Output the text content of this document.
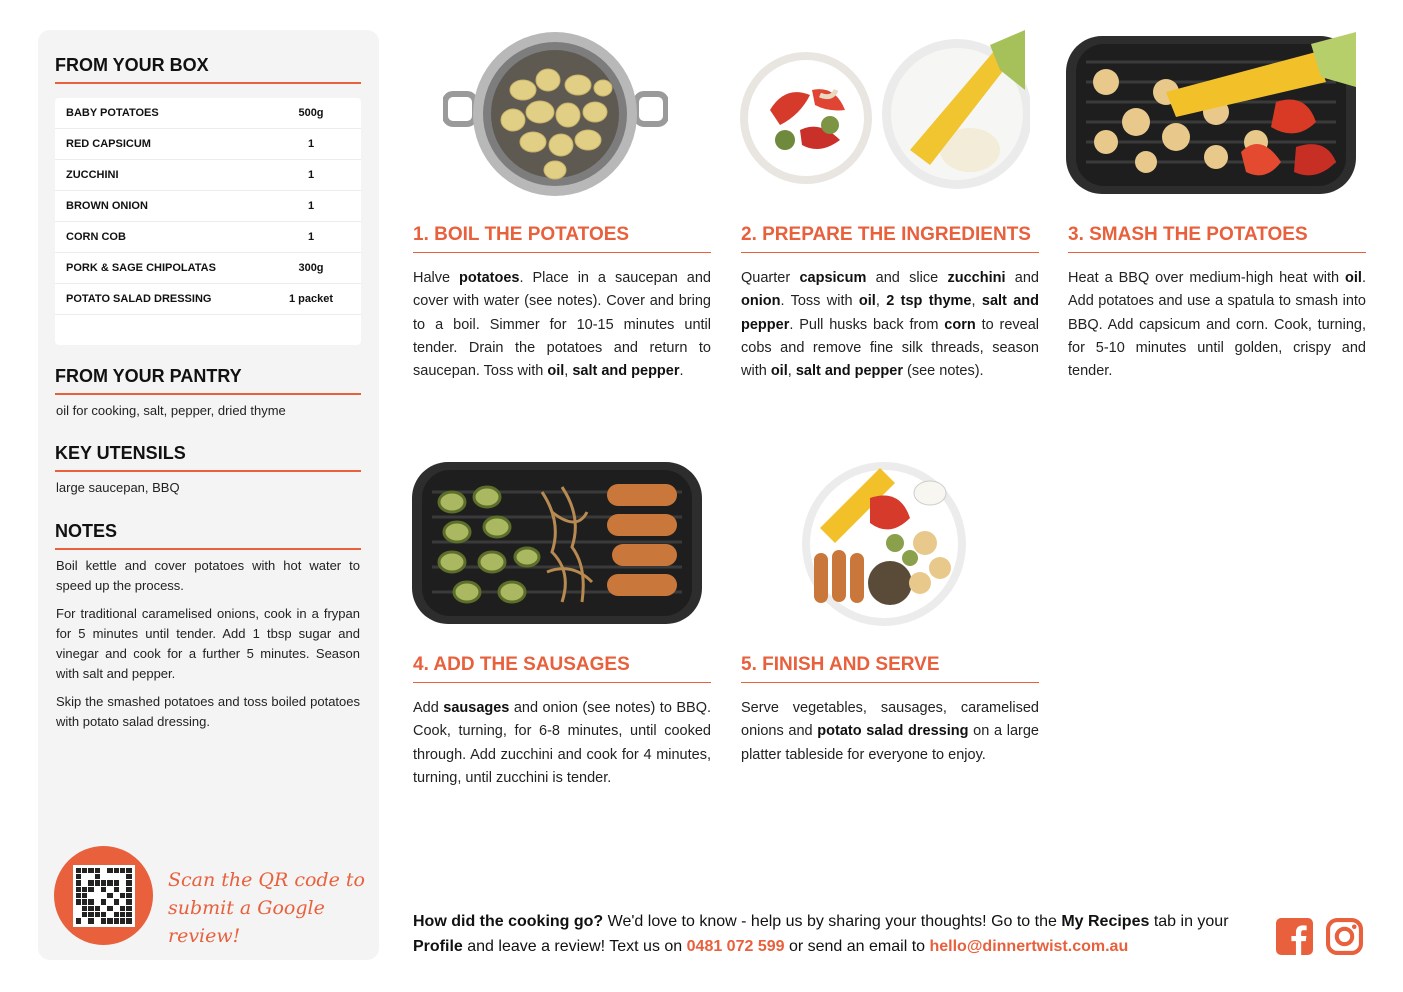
FROM YOUR BOX
BABY POTATOES	500g
RED CAPSICUM	1
ZUCCHINI	1
BROWN ONION	1
CORN COB	1
PORK & SAGE CHIPOLATAS	300g
POTATO SALAD DRESSING	1 packet
FROM YOUR PANTRY
oil for cooking, salt, pepper, dried thyme
KEY UTENSILS
large saucepan, BBQ
NOTES

Boil kettle and cover potatoes with hot water to speed up the process.

For traditional caramelised onions, cook in a frypan for 5 minutes until tender. Add 1 tbsp sugar and vinegar and cook for a further 5 minutes. Season with salt and pepper.

Skip the smashed potatoes and toss boiled potatoes with potato salad dressing.

Scan the QR code to
submit a Google review!
1. BOIL THE POTATOES
Halve potatoes. Place in a saucepan and cover with water (see notes). Cover and bring to a boil. Simmer for 10-15 minutes until tender. Drain the potatoes and return to saucepan. Toss with oil, salt and pepper.
2. PREPARE THE INGREDIENTS
Quarter capsicum and slice zucchini and onion. Toss with oil, 2 tsp thyme, salt and pepper. Pull husks back from corn to reveal cobs and remove fine silk threads, season with oil, salt and pepper (see notes).
3. SMASH THE POTATOES
Heat a BBQ over medium-high heat with oil. Add potatoes and use a spatula to smash into BBQ. Add capsicum and corn. Cook, turning, for 5-10 minutes until golden, crispy and tender.
4. ADD THE SAUSAGES
Add sausages and onion (see notes) to BBQ. Cook, turning, for 6-8 minutes, until cooked through. Add zucchini and cook for 4 minutes, turning, until zucchini is tender.
5. FINISH AND SERVE
Serve vegetables, sausages, caramelised onions and potato salad dressing on a large platter tableside for everyone to enjoy.
How did the cooking go? We'd love to know - help us by sharing your thoughts! Go to the My Recipes tab in your Profile and leave a review! Text us on 0481 072 599 or send an email to hello@dinnertwist.com.au
